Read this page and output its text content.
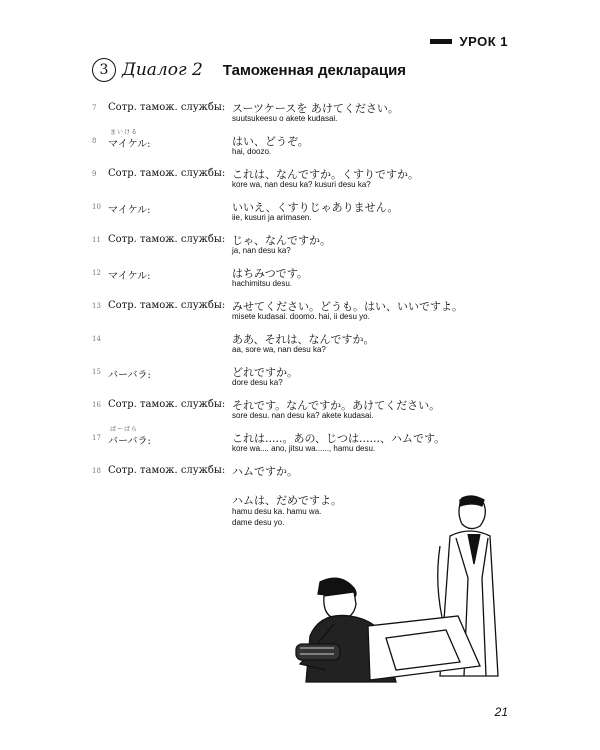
УРОК 1
3 Диалог 2 Таможенная декларация
7 Сотр. тамож. службы: スーツケースを あけてください。
suutsukeesu o akete kudasai.
8
まいける
マイケル:	はい、どうぞ。
hai, doozo.
9 Сотр. тамож. службы: これは、なんですか。くすりですか。
kore wa, nan desu ka? kusuri desu ka?
10 マイケル:	いいえ、くすりじゃありません。
iie, kusuri ja arimasen.
11 Сотр. тамож. службы: じゃ、なんですか。
ja, nan desu ka?
12 マイケル:	はちみつです。
hachimitsu desu.
13 Сотр. тамож. службы: みせてください。どうも。はい、いいですよ。
misete kudasai. doomo. hai, ii desu yo.
14	ああ、それは、なんですか。
aa, sore wa, nan desu ka?
15 バーバラ:	どれですか。
dore desu ka?
16 Сотр. тамож. службы: それです。なんですか。あけてください。
sore desu. nan desu ka? akete kudasai.
17
ばーばら
バーバラ:	これは.....。あの、じつは......、ハムです。
kore wa.... ano, jitsu wa......, hamu desu.
18 Сотр. тамож. службы: ハムですか。
ハムは、だめですよ。
hamu desu ka. hamu wa.
dame desu yo.
21
